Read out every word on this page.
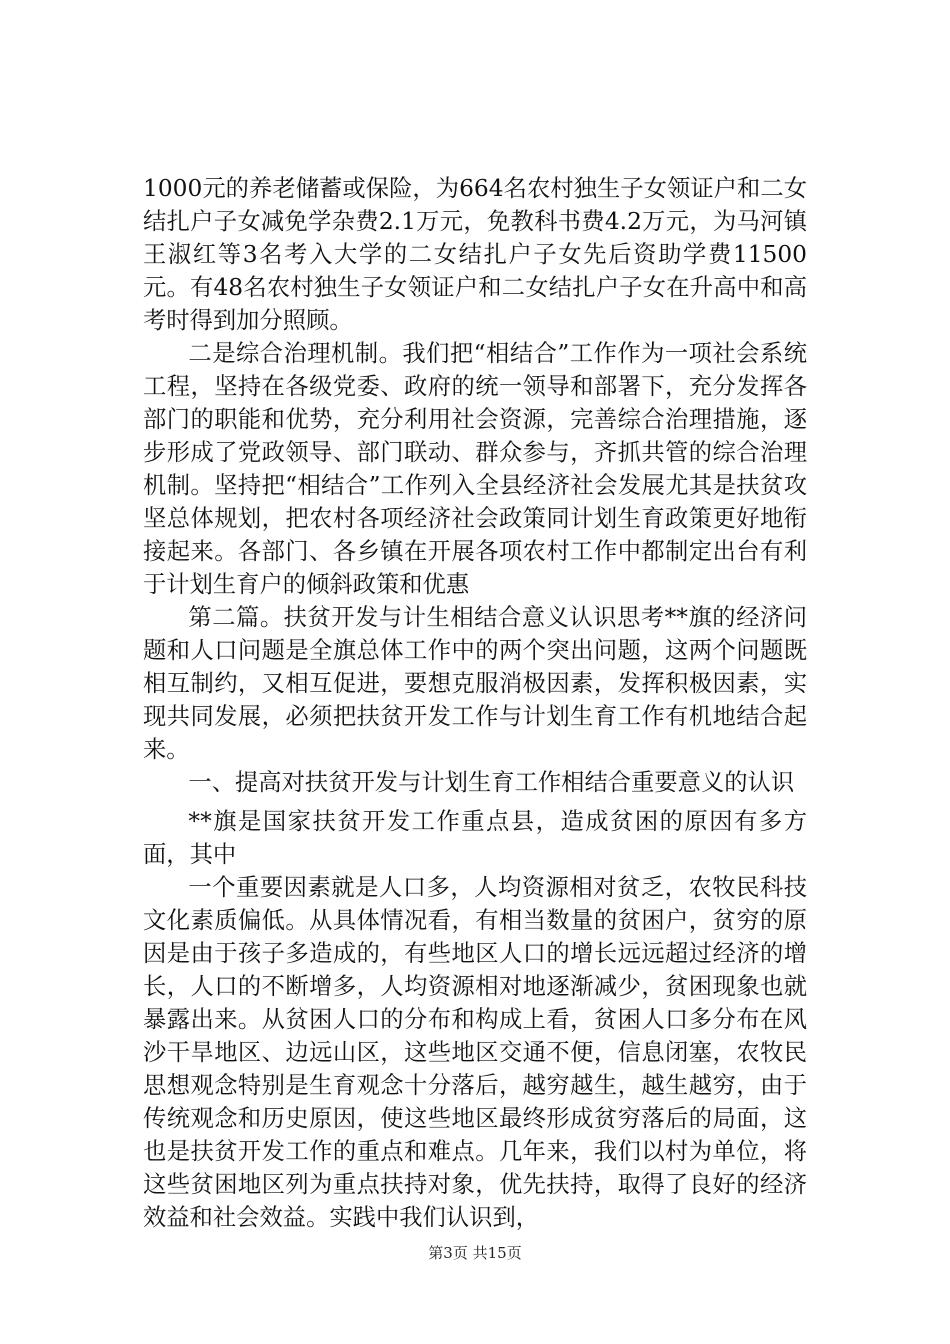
1000元的养老储蓄或保险，为664名农村独生子女领证户和二女结扎户子女减免学杂费2.1万元，免教科书费4.2万元，为马河镇王淑红等3名考入大学的二女结扎户子女先后资助学费11500元。有48名农村独生子女领证户和二女结扎户子女在升高中和高考时得到加分照顾。

二是综合治理机制。我们把“相结合”工作作为一项社会系统工程，坚持在各级党委、政府的统一领导和部署下，充分发挥各部门的职能和优势，充分利用社会资源，完善综合治理措施，逐步形成了党政领导、部门联动、群众参与，齐抓共管的综合治理机制。坚持把“相结合”工作列入全县经济社会发展尤其是扶贫攻坚总体规划，把农村各项经济社会政策同计划生育政策更好地衔接起来。各部门、各乡镇在开展各项农村工作中都制定出台有利于计划生育户的倾斜政策和优惠

第二篇。扶贫开发与计生相结合意义认识思考**旗的经济问题和人口问题是全旗总体工作中的两个突出问题，这两个问题既相互制约，又相互促进，要想克服消极因素，发挥积极因素，实现共同发展，必须把扶贫开发工作与计划生育工作有机地结合起来。

一、提高对扶贫开发与计划生育工作相结合重要意义的认识

**旗是国家扶贫开发工作重点县，造成贫困的原因有多方面，其中

一个重要因素就是人口多，人均资源相对贫乏，农牧民科技文化素质偏低。从具体情况看，有相当数量的贫困户，贫穷的原因是由于孩子多造成的，有些地区人口的增长远远超过经济的增长，人口的不断增多，人均资源相对地逐渐减少，贫困现象也就暴露出来。从贫困人口的分布和构成上看，贫困人口多分布在风沙干旱地区、边远山区，这些地区交通不便，信息闭塞，农牧民思想观念特别是生育观念十分落后，越穷越生，越生越穷，由于传统观念和历史原因，使这些地区最终形成贫穷落后的局面，这也是扶贫开发工作的重点和难点。几年来，我们以村为单位，将这些贫困地区列为重点扶持对象，优先扶持，取得了良好的经济效益和社会效益。实践中我们认识到，

第3页 共15页
